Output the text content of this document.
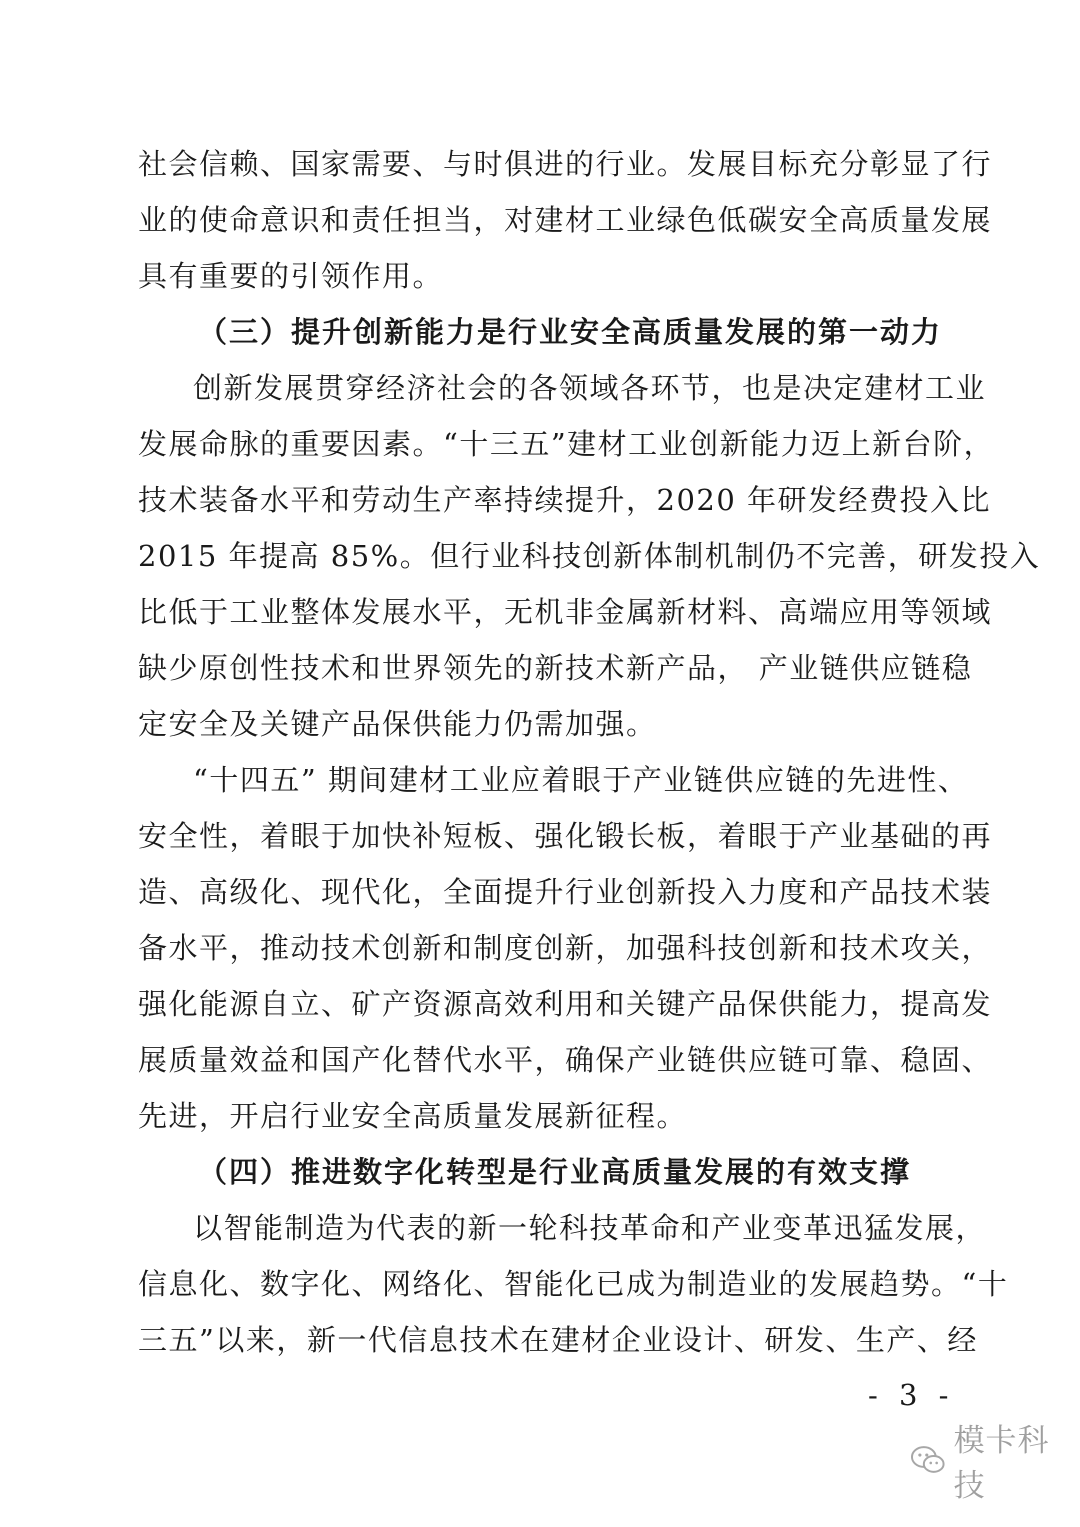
社会信赖、国家需要、与时俱进的行业。发展目标充分彰显了行
业的使命意识和责任担当，对建材工业绿色低碳安全高质量发展
具有重要的引领作用。
（三）提升创新能力是行业安全高质量发展的第一动力
创新发展贯穿经济社会的各领域各环节，也是决定建材工业
发展命脉的重要因素。“十三五”建材工业创新能力迈上新台阶，
技术装备水平和劳动生产率持续提升，2020 年研发经费投入比
2015 年提高 85%。但行业科技创新体制机制仍不完善，研发投入
比低于工业整体发展水平，无机非金属新材料、高端应用等领域
缺少原创性技术和世界领先的新技术新产品， 产业链供应链稳
定安全及关键产品保供能力仍需加强。
“十四五” 期间建材工业应着眼于产业链供应链的先进性、
安全性，着眼于加快补短板、强化锻长板，着眼于产业基础的再
造、高级化、现代化，全面提升行业创新投入力度和产品技术装
备水平，推动技术创新和制度创新，加强科技创新和技术攻关，
强化能源自立、矿产资源高效利用和关键产品保供能力，提高发
展质量效益和国产化替代水平，确保产业链供应链可靠、稳固、
先进，开启行业安全高质量发展新征程。
（四）推进数字化转型是行业高质量发展的有效支撑
以智能制造为代表的新一轮科技革命和产业变革迅猛发展，
信息化、数字化、网络化、智能化已成为制造业的发展趋势。“十
三五”以来，新一代信息技术在建材企业设计、研发、生产、经
- 3 -
模卡科技
